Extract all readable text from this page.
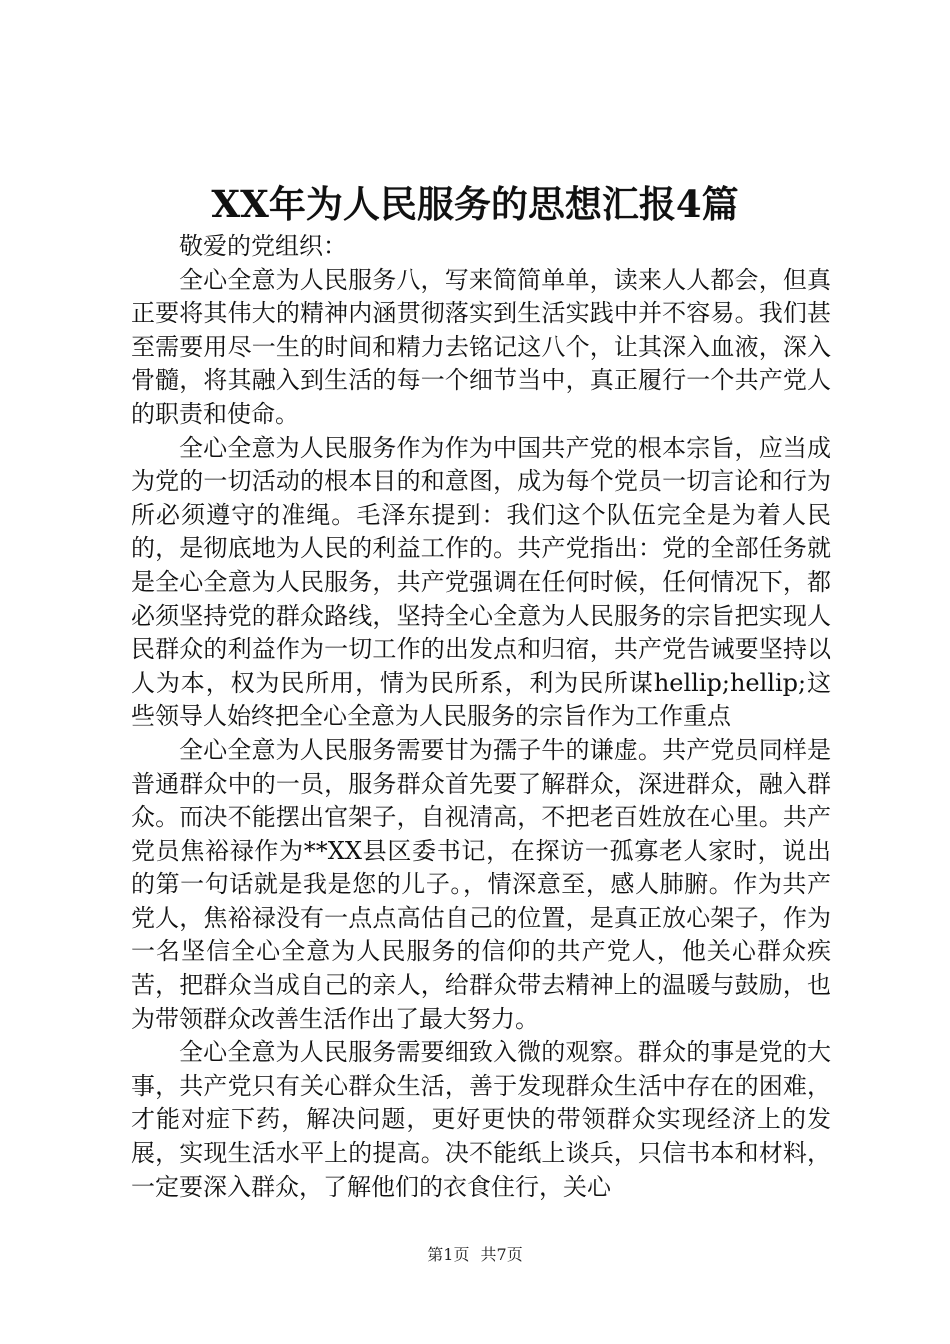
XX年为人民服务的思想汇报4篇

敬爱的党组织：

全心全意为人民服务八，写来简简单单，读来人人都会，但真正要将其伟大的精神内涵贯彻落实到生活实践中并不容易。我们甚至需要用尽一生的时间和精力去铭记这八个，让其深入血液，深入骨髓，将其融入到生活的每一个细节当中，真正履行一个共产党人的职责和使命。

全心全意为人民服务作为作为中国共产党的根本宗旨，应当成为党的一切活动的根本目的和意图，成为每个党员一切言论和行为所必须遵守的准绳。毛泽东提到：我们这个队伍完全是为着人民的，是彻底地为人民的利益工作的。共产党指出：党的全部任务就是全心全意为人民服务，共产党强调在任何时候，任何情况下，都必须坚持党的群众路线，坚持全心全意为人民服务的宗旨把实现人民群众的利益作为一切工作的出发点和归宿，共产党告诫要坚持以人为本，权为民所用，情为民所系，利为民所谋hellip;hellip;这些领导人始终把全心全意为人民服务的宗旨作为工作重点

全心全意为人民服务需要甘为孺子牛的谦虚。共产党员同样是普通群众中的一员，服务群众首先要了解群众，深进群众，融入群众。而决不能摆出官架子，自视清高，不把老百姓放在心里。共产党员焦裕禄作为**XX县区委书记，在探访一孤寡老人家时，说出的第一句话就是我是您的儿子。，情深意至，感人肺腑。作为共产党人，焦裕禄没有一点点高估自己的位置，是真正放心架子，作为一名坚信全心全意为人民服务的信仰的共产党人，他关心群众疾苦，把群众当成自己的亲人，给群众带去精神上的温暖与鼓励，也为带领群众改善生活作出了最大努力。

全心全意为人民服务需要细致入微的观察。群众的事是党的大事，共产党只有关心群众生活，善于发现群众生活中存在的困难，才能对症下药，解决问题，更好更快的带领群众实现经济上的发展，实现生活水平上的提高。决不能纸上谈兵，只信书本和材料，一定要深入群众，了解他们的衣食住行，关心

第1页 共7页
